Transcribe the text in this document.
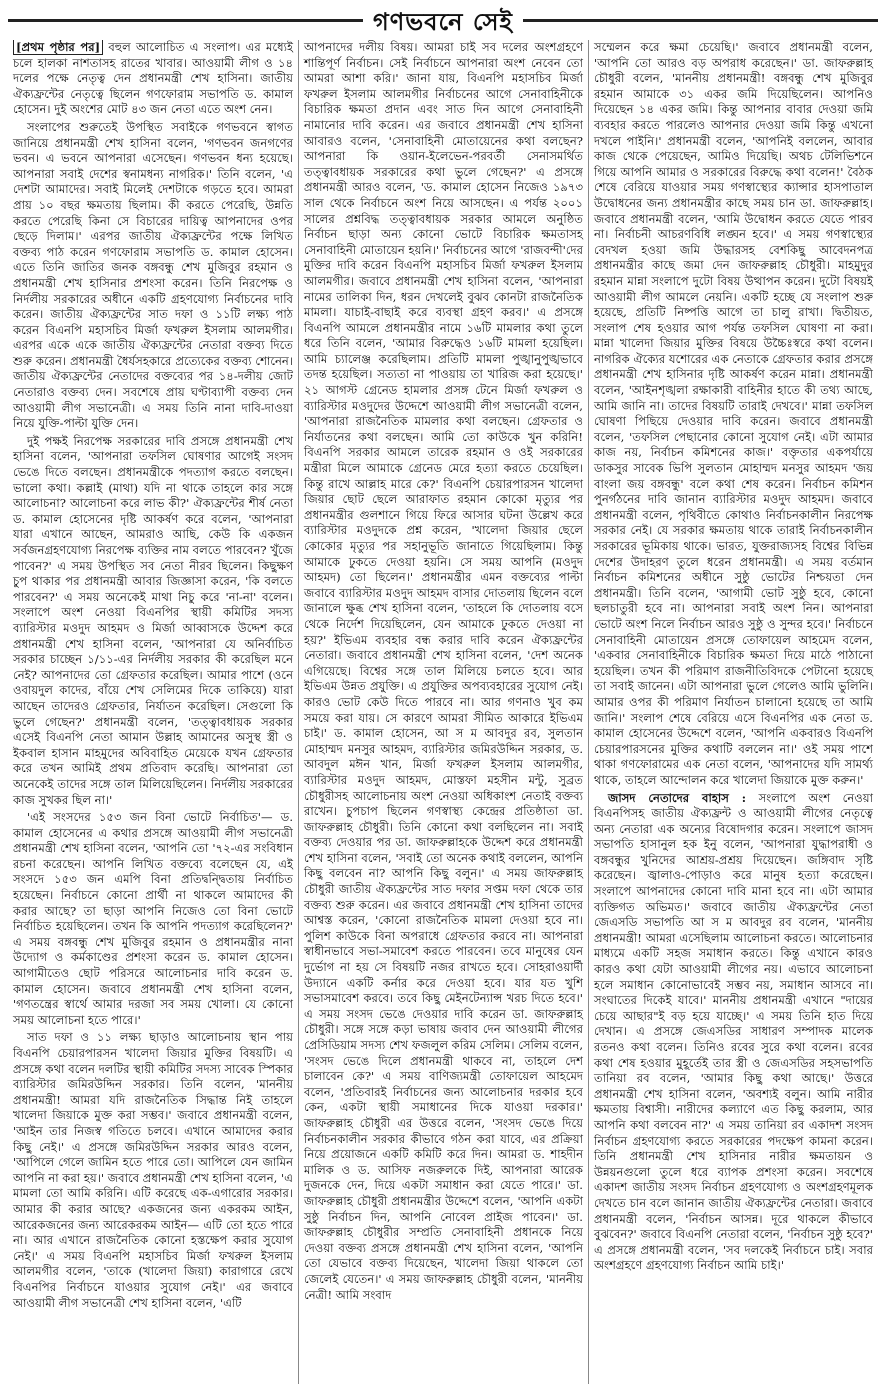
গণভবনে সেই

[প্রথম পৃষ্ঠার পর] বহুল আলোচিত এ সংলাপ। এর মধ্যেই চলে হালকা নাশতাসহ রাতের খাবার। আওয়ামী লীগ ও ১৪ দলের পক্ষে নেতৃত্ব দেন প্রধানমন্ত্রী শেখ হাসিনা। জাতীয় ঐক্যফ্রন্টের নেতৃত্বে ছিলেন গণফোরাম সভাপতি ড. কামাল হোসেন। দুই অংশের মোট ৪৩ জন নেতা এতে অংশ নেন।

সংলাপের শুরুতেই উপস্থিত সবাইকে গণভবনে স্বাগত জানিয়ে প্রধানমন্ত্রী শেখ হাসিনা বলেন, 'গণভবন জনগণের ভবন। এ ভবনে আপনারা এসেছেন। গণভবন ধন্য হয়েছে। আপনারা সবাই দেশের স্বনামধন্য নাগরিক।' তিনি বলেন, 'এ দেশটা আমাদের। সবাই মিলেই দেশটাকে গড়তে হবে। আমরা প্রায় ১০ বছর ক্ষমতায় ছিলাম। কী করতে পেরেছি, উন্নতি করতে পেরেছি কিনা সে বিচারের দায়িত্ব আপনাদের ওপর ছেড়ে দিলাম।' এরপর জাতীয় ঐক্যফ্রন্টের পক্ষে লিখিত বক্তব্য পাঠ করেন গণফোরাম সভাপতি ড. কামাল হোসেন। এতে তিনি জাতির জনক বঙ্গবন্ধু শেখ মুজিবুর রহমান ও প্রধানমন্ত্রী শেখ হাসিনার প্রশংসা করেন। তিনি নিরপেক্ষ ও নির্দলীয় সরকারের অধীনে একটি গ্রহণযোগ্য নির্বাচনের দাবি করেন। জাতীয় ঐক্যফ্রন্টের সাত দফা ও ১১টি লক্ষ্য পাঠ করেন বিএনপি মহাসচিব মির্জা ফখরুল ইসলাম আলমগীর। এরপর একে একে জাতীয় ঐক্যফ্রন্টের নেতারা বক্তব্য দিতে শুরু করেন। প্রধানমন্ত্রী ধৈর্যসহকারে প্রত্যেকের বক্তব্য শোনেন। জাতীয় ঐক্যফ্রন্টের নেতাদের বক্তব্যের পর ১৪-দলীয় জোট নেতারাও বক্তব্য দেন। সবশেষে প্রায় ঘণ্টাব্যাপী বক্তব্য দেন আওয়ামী লীগ সভানেত্রী। এ সময় তিনি নানা দাবি-দাওয়া নিয়ে যুক্তি-পাল্টা যুক্তি দেন।

দুই পক্ষই নিরপেক্ষ সরকারের দাবি প্রসঙ্গে প্রধানমন্ত্রী শেখ হাসিনা বলেন, 'আপনারা তফসিল ঘোষণার আগেই সংসদ ভেঙে দিতে বলছেন। প্রধানমন্ত্রীকে পদত্যাগ করতে বলছেন। ভালো কথা। কল্লাই (মাথা) যদি না থাকে তাহলে কার সঙ্গে আলোচনা? আলোচনা করে লাভ কী?' ঐক্যফ্রন্টের শীর্ষ নেতা ড. কামাল হোসেনের দৃষ্টি আকর্ষণ করে বলেন, 'আপনারা যারা এখানে আছেন, আমরাও আছি, কেউ কি একজন সর্বজনগ্রহণযোগ্য নিরপেক্ষ ব্যক্তির নাম বলতে পারবেন? খুঁজে পাবেন?' এ সময় উপস্থিত সব নেতা নীরব ছিলেন। কিছুক্ষণ চুপ থাকার পর প্রধানমন্ত্রী আবার জিজ্ঞাসা করেন, 'কি বলতে পারবেন?' এ সময় অনেকেই মাথা নিচু করে 'না-না' বলেন। সংলাপে অংশ নেওয়া বিএনপির স্থায়ী কমিটির সদস্য ব্যারিস্টার মওদুদ আহমদ ও মির্জা আব্বাসকে উদ্দেশ করে প্রধানমন্ত্রী শেখ হাসিনা বলেন, 'আপনারা যে অনির্বাচিত সরকার চাচ্ছেন ১/১১-এর নির্দলীয় সরকার কী করেছিল মনে নেই? আপনাদের তো গ্রেফতার করেছিল। আমার পাশে (ওনে ওবায়দুল কাদের, বাঁয়ে শেখ সেলিমের দিকে তাকিয়ে) যারা আছেন তাদেরও গ্রেফতার, নির্যাতন করেছিল। সেগুলো কি ভুলে গেছেন?' প্রধানমন্ত্রী বলেন, 'তত্ত্বাবধায়ক সরকার এসেই বিএনপি নেতা আমান উল্লাহ আমানের অসুস্থ স্ত্রী ও ইকবাল হাসান মাহমুদের অবিবাহিত মেয়েকে যখন গ্রেফতার করে তখন আমিই প্রথম প্রতিবাদ করেছি। আপনারা তো অনেকেই তাদের সঙ্গে তাল মিলিয়েছিলেন। নির্দলীয় সরকারের কাজ সুখকর ছিল না।'

'এই সংসদের ১৫৩ জন বিনা ভোটে নির্বাচিত'— ড. কামাল হোসেনের এ কথার প্রসঙ্গে আওয়ামী লীগ সভানেত্রী প্রধানমন্ত্রী শেখ হাসিনা বলেন, 'আপনি তো '৭২-এর সংবিধান রচনা করেছেন। আপনি লিখিত বক্তব্যে বলেছেন যে, এই সংসদে ১৫৩ জন এমপি বিনা প্রতিদ্বন্দ্বিতায় নির্বাচিত হয়েছেন। নির্বাচনে কোনো প্রার্থী না থাকলে আমাদের কী করার আছে? তা ছাড়া আপনি নিজেও তো বিনা ভোটে নির্বাচিত হয়েছিলেন। তখন কি আপনি পদত্যাগ করেছিলেন?' এ সময় বঙ্গবন্ধু শেখ মুজিবুর রহমান ও প্রধানমন্ত্রীর নানা উদ্যোগ ও কর্মকাণ্ডের প্রশংসা করেন ড. কামাল হোসেন। আগামীতেও ছোট পরিসরে আলোচনার দাবি করেন ড. কামাল হোসেন। জবাবে প্রধানমন্ত্রী শেখ হাসিনা বলেন, 'গণতন্ত্রের স্বার্থে আমার দরজা সব সময় খোলা। যে কোনো সময় আলোচনা হতে পারে।'

সাত দফা ও ১১ লক্ষ্য ছাড়াও আলোচনায় স্থান পায় বিএনপি চেয়ারপারসন খালেদা জিয়ার মুক্তির বিষয়টি। এ প্রসঙ্গে কথা বলেন দলটির স্থায়ী কমিটির সদস্য সাবেক স্পিকার ব্যারিস্টার জমিরউদ্দিন সরকার। তিনি বলেন, 'মাননীয় প্রধানমন্ত্রী! আমরা যদি রাজনৈতিক সিদ্ধান্ত নিই তাহলে খালেদা জিয়াকে মুক্ত করা সম্ভব।' জবাবে প্রধানমন্ত্রী বলেন, 'আইন তার নিজস্ব গতিতে চলবে। এখানে আমাদের করার কিছু নেই।' এ প্রসঙ্গে জমিরউদ্দিন সরকার আরও বলেন, 'আপিলে গেলে জামিন হতে পারে তো। আপিলে যেন জামিন আপনি না করা হয়।' জবাবে প্রধানমন্ত্রী শেখ হাসিনা বলেন, 'এ মামলা তো আমি করিনি। এটি করেছে এক-এগারোর সরকার। আমার কী করার আছে? একজনের জন্য একরকম আইন, আরেকজনের জন্য আরেকরকম আইন— এটি তো হতে পারে না। আর এখানে রাজনৈতিক কোনো হস্তক্ষেপ করার সুযোগ নেই।' এ সময় বিএনপি মহাসচিব মির্জা ফখরুল ইসলাম আলমগীর বলেন, 'তাকে (খালেদা জিয়া) কারাগারে রেখে বিএনপির নির্বাচনে যাওয়ার সুযোগ নেই।' এর জবাবে আওয়ামী লীগ সভানেত্রী শেখ হাসিনা বলেন, 'এটি

আপনাদের দলীয় বিষয়। আমরা চাই সব দলের অংশগ্রহণে শান্তিপূর্ণ নির্বাচন। সেই নির্বাচনে আপনারা অংশ নেবেন তো আমরা আশা করি।' জানা যায়, বিএনপি মহাসচিব মির্জা ফখরুল ইসলাম আলমগীর নির্বাচনের আগে সেনাবাহিনীকে বিচারিক ক্ষমতা প্রদান এবং সাত দিন আগে সেনাবাহিনী নামানোর দাবি করেন। এর জবাবে প্রধানমন্ত্রী শেখ হাসিনা আবারও বলেন, 'সেনাবাহিনী মোতায়েনের কথা বলছেন? আপনারা কি ওয়ান-ইলেভেন-পরবর্তী সেনাসমর্থিত তত্ত্বাবধায়ক সরকারের কথা ভুলে গেছেন?' এ প্রসঙ্গে প্রধানমন্ত্রী আরও বলেন, 'ড. কামাল হোসেন নিজেও ১৯৭৩ সাল থেকে নির্বাচনে অংশ নিয়ে আসছেন। এ পর্যন্ত ২০০১ সালের প্রশ্নবিদ্ধ তত্ত্বাবধায়ক সরকার আমলে অনুষ্ঠিত নির্বাচন ছাড়া অন্য কোনো ভোটে বিচারিক ক্ষমতাসহ সেনাবাহিনী মোতায়েন হয়নি।' নির্বাচনের আগে 'রাজবন্দী'দের মুক্তির দাবি করেন বিএনপি মহাসচিব মির্জা ফখরুল ইসলাম আলমগীর। জবাবে প্রধানমন্ত্রী শেখ হাসিনা বলেন, 'আপনারা নামের তালিকা দিন, ধরন দেখলেই বুঝব কোনটা রাজনৈতিক মামলা। যাচাই-বাছাই করে ব্যবস্থা গ্রহণ করব।' এ প্রসঙ্গে বিএনপি আমলে প্রধানমন্ত্রীর নামে ১৬টি মামলার কথা তুলে ধরে তিনি বলেন, 'আমার বিরুদ্ধেও ১৬টি মামলা হয়েছিল। আমি চ্যালেঞ্জ করেছিলাম। প্রতিটি মামলা পুঙ্খানুপুঙ্খভাবে তদন্ত হয়েছিল। সত্যতা না পাওয়ায় তা খারিজ করা হয়েছে।' ২১ আগস্ট গ্রেনেড হামলার প্রসঙ্গ টেনে মির্জা ফখরুল ও ব্যারিস্টার মওদুদের উদ্দেশে আওয়ামী লীগ সভানেত্রী বলেন, 'আপনারা রাজনৈতিক মামলার কথা বলছেন। গ্রেফতার ও নির্যাতনের কথা বলছেন। আমি তো কাউকে খুন করিনি! বিএনপি সরকার আমলে তারেক রহমান ও ওই সরকারের মন্ত্রীরা মিলে আমাকে গ্রেনেড মেরে হত্যা করতে চেয়েছিল। কিন্তু রাখে আল্লাহ মারে কে?' বিএনপি চেয়ারপারসন খালেদা জিয়ার ছোট ছেলে আরাফাত রহমান কোকো মৃত্যুর পর প্রধানমন্ত্রীর গুলশানে গিয়ে ফিরে আসার ঘটনা উল্লেখ করে ব্যারিস্টার মওদুদকে প্রশ্ন করেন, 'খালেদা জিয়ার ছেলে কোকোর মৃত্যুর পর সহানুভূতি জানাতে গিয়েছিলাম। কিন্তু আমাকে ঢুকতে দেওয়া হয়নি। সে সময় আপনি (মওদুদ আহমদ) তো ছিলেন।' প্রধানমন্ত্রীর এমন বক্তব্যের পাল্টা জবাবে ব্যারিস্টার মওদুদ আহমদ বাসার দোতলায় ছিলেন বলে জানালে ক্ষুব্ধ শেখ হাসিনা বলেন, 'তাহলে কি দোতলায় বসে থেকে নির্দেশ দিয়েছিলেন, যেন আমাকে ঢুকতে দেওয়া না হয়?' ইভিএম ব্যবহার বন্ধ করার দাবি করেন ঐক্যফ্রন্টের নেতারা। জবাবে প্রধানমন্ত্রী শেখ হাসিনা বলেন, 'দেশ অনেক এগিয়েছে। বিশ্বের সঙ্গে তাল মিলিয়ে চলতে হবে। আর ইভিএম উন্নত প্রযুক্তি। এ প্রযুক্তির অপব্যবহারের সুযোগ নেই। কারও ভোট কেউ দিতে পারবে না। আর গণনাও খুব কম সময়ে করা যায়। সে কারণে আমরা সীমিত আকারে ইভিএম চাই।' ড. কামাল হোসেন, আ স ম আবদুর রব, সুলতান মোহাম্মদ মনসুর আহমদ, ব্যারিস্টার জমিরউদ্দিন সরকার, ড. আবদুল মঈন খান, মির্জা ফখরুল ইসলাম আলমগীর, ব্যারিস্টার মওদুদ আহমদ, মোস্তফা মহসীন মন্টু, সুব্রত চৌধুরীসহ আলোচনায় অংশ নেওয়া অধিকাংশ নেতাই বক্তব্য রাখেন। চুপচাপ ছিলেন গণস্বাস্থ্য কেন্দ্রের প্রতিষ্ঠাতা ডা. জাফরুল্লাহ চৌধুরী। তিনি কোনো কথা বলছিলেন না। সবাই বক্তব্য দেওয়ার পর ডা. জাফরুল্লাহকে উদ্দেশ করে প্রধানমন্ত্রী শেখ হাসিনা বলেন, 'সবাই তো অনেক কথাই বললেন, আপনি কিছু বলবেন না? আপনি কিছু বলুন।' এ সময় জাফরুল্লাহ চৌধুরী জাতীয় ঐক্যফ্রন্টের সাত দফার সপ্তম দফা থেকে তার বক্তব্য শুরু করেন। এর জবাবে প্রধানমন্ত্রী শেখ হাসিনা তাদের আশ্বস্ত করেন, 'কোনো রাজনৈতিক মামলা দেওয়া হবে না। পুলিশ কাউকে বিনা অপরাধে গ্রেফতার করবে না। আপনারা স্বাধীনভাবে সভা-সমাবেশ করতে পারবেন। তবে মানুষের যেন দুর্ভোগ না হয় সে বিষয়টি নজর রাখতে হবে। সোহরাওয়ার্দী উদ্যানে একটি কর্নার করে দেওয়া হবে। যার যত খুশি সভাসমাবেশ করবে। তবে কিছু মেইনটেন্যান্স খরচ দিতে হবে।' এ সময় সংসদ ভেঙে দেওয়ার দাবি করেন ডা. জাফরুল্লাহ চৌধুরী। সঙ্গে সঙ্গে কড়া ভাষায় জবাব দেন আওয়ামী লীগের প্রেসিডিয়াম সদস্য শেখ ফজলুল করিম সেলিম। সেলিম বলেন, 'সংসদ ভেঙে দিলে প্রধানমন্ত্রী থাকবে না, তাহলে দেশ চালাবেন কে?' এ সময় বাণিজ্যমন্ত্রী তোফায়েল আহমেদ বলেন, 'প্রতিবারই নির্বাচনের জন্য আলোচনার দরকার হবে কেন, একটা স্থায়ী সমাধানের দিকে যাওয়া দরকার।' জাফরুল্লাহ চৌধুরী এর উত্তরে বলেন, 'সংসদ ভেঙে দিয়ে নির্বাচনকালীন সরকার কীভাবে গঠন করা যাবে, এর প্রক্রিয়া নিয়ে প্রয়োজনে একটি কমিটি করে দিন। আমরা ড. শাহদীন মালিক ও ড. আসিফ নজরুলকে দিই, আপনারা আরেক দুজনকে দেন, দিয়ে একটা সমাধান করা যেতে পারে।' ডা. জাফরুল্লাহ চৌধুরী প্রধানমন্ত্রীর উদ্দেশে বলেন, 'আপনি একটা সুষ্ঠু নির্বাচন দিন, আপনি নোবেল প্রাইজ পাবেন।' ডা. জাফরুল্লাহ চৌধুরীর সম্প্রতি সেনাবাহিনী প্রধানকে নিয়ে দেওয়া বক্তব্য প্রসঙ্গে প্রধানমন্ত্রী শেখ হাসিনা বলেন, 'আপনি তো যেভাবে বক্তব্য দিয়েছেন, খালেদা জিয়া থাকলে তো জেলেই যেতেন।' এ সময় জাফরুল্লাহ চৌধুরী বলেন, 'মাননীয় নেত্রী! আমি সংবাদ

সম্মেলন করে ক্ষমা চেয়েছি।' জবাবে প্রধানমন্ত্রী বলেন, 'আপনি তো আরও বড় অপরাধ করেছেন।' ডা. জাফরুল্লাহ চৌধুরী বলেন, 'মাননীয় প্রধানমন্ত্রী! বঙ্গবন্ধু শেখ মুজিবুর রহমান আমাকে ৩১ একর জমি দিয়েছিলেন। আপনিও দিয়েছেন ১৪ একর জমি। কিন্তু আপনার বাবার দেওয়া জমি ব্যবহার করতে পারলেও আপনার দেওয়া জমি কিন্তু এখনো দখলে পাইনি।' প্রধানমন্ত্রী বলেন, 'আপনিই বললেন, আবার কাজ থেকে পেয়েছেন, আমিও দিয়েছি। অথচ টেলিভিশনে গিয়ে আপনি আমার ও সরকারের বিরুদ্ধে কথা বলেন!' বৈঠক শেষে বেরিয়ে যাওয়ার সময় গণস্বাস্থ্যের ক্যান্সার হাসপাতাল উদ্বোধনের জন্য প্রধানমন্ত্রীর কাছে সময় চান ডা. জাফরুল্লাহ। জবাবে প্রধানমন্ত্রী বলেন, 'আমি উদ্বোধন করতে যেতে পারব না। নির্বাচনী আচরণবিধি লঙ্ঘন হবে।' এ সময় গণস্বাস্থ্যের বেদখল হওয়া জমি উদ্ধারসহ বেশকিছু আবেদনপত্র প্রধানমন্ত্রীর কাছে জমা দেন জাফরুল্লাহ চৌধুরী। মাহমুদুর রহমান মান্না সংলাপে দুটো বিষয় উত্থাপন করেন। দুটো বিষয়ই আওয়ামী লীগ আমলে নেয়নি। একটি হচ্ছে যে সংলাপ শুরু হয়েছে, প্রতিটি নিষ্পত্তি আগে তা চালু রাখা। দ্বিতীয়ত, সংলাপ শেষ হওয়ার আগ পর্যন্ত তফসিল ঘোষণা না করা। মান্না খালেদা জিয়ার মুক্তির বিষয়ে উচ্চৈঃস্বরে কথা বলেন। নাগরিক ঐক্যের যশোরের এক নেতাকে গ্রেফতার করার প্রসঙ্গে প্রধানমন্ত্রী শেখ হাসিনার দৃষ্টি আকর্ষণ করেন মান্না। প্রধানমন্ত্রী বলেন, 'আইনশৃঙ্খলা রক্ষাকারী বাহিনীর হাতে কী তথ্য আছে, আমি জানি না। তাদের বিষয়টি তারাই দেখবে।' মান্না তফসিল ঘোষণা পিছিয়ে দেওয়ার দাবি করেন। জবাবে প্রধানমন্ত্রী বলেন, 'তফসিল পেছানোর কোনো সুযোগ নেই। এটা আমার কাজ নয়, নির্বাচন কমিশনের কাজ।' বক্তৃতার একপর্যায়ে ডাকসুর সাবেক ভিপি সুলতান মোহাম্মদ মনসুর আহমদ 'জয় বাংলা জয় বঙ্গবন্ধু' বলে কথা শেষ করেন। নির্বাচন কমিশন পুনর্গঠনের দাবি জানান ব্যারিস্টার মওদুদ আহমদ। জবাবে প্রধানমন্ত্রী বলেন, পৃথিবীতে কোথাও নির্বাচনকালীন নিরপেক্ষ সরকার নেই। যে সরকার ক্ষমতায় থাকে তারাই নির্বাচনকালীন সরকারের ভূমিকায় থাকে। ভারত, যুক্তরাজ্যসহ বিশ্বের বিভিন্ন দেশের উদাহরণ তুলে ধরেন প্রধানমন্ত্রী। এ সময় বর্তমান নির্বাচন কমিশনের অধীনে সুষ্ঠু ভোটের নিশ্চয়তা দেন প্রধানমন্ত্রী। তিনি বলেন, 'আগামী ভোট সুষ্ঠু হবে, কোনো ছলচাতুরী হবে না। আপনারা সবাই অংশ নিন। আপনারা ভোটে অংশ নিলে নির্বাচন আরও সুষ্ঠু ও সুন্দর হবে।' নির্বাচনে সেনাবাহিনী মোতায়েন প্রসঙ্গে তোফায়েল আহমেদ বলেন, 'একবার সেনাবাহিনীকে বিচারিক ক্ষমতা দিয়ে মাঠে পাঠানো হয়েছিল। তখন কী পরিমাণ রাজনীতিবিদকে পেটানো হয়েছে তা সবাই জানেন। এটা আপনারা ভুলে গেলেও আমি ভুলিনি। আমার ওপর কী পরিমাণ নির্যাতন চালানো হয়েছে তা আমি জানি।' সংলাপ শেষে বেরিয়ে এসে বিএনপির এক নেতা ড. কামাল হোসেনের উদ্দেশে বলেন, 'আপনি একবারও বিএনপি চেয়ারপারসনের মুক্তির কথাটি বললেন না।' ওই সময় পাশে থাকা গণফোরামের এক নেতা বলেন, 'আপনাদের যদি সামর্থ্য থাকে, তাহলে আন্দোলন করে খালেদা জিয়াকে মুক্ত করুন।'

জাসদ নেতাদের বাহাস : সংলাপে অংশ নেওয়া বিএনপিসহ জাতীয় ঐক্যফ্রন্ট ও আওয়ামী লীগের নেতৃত্বে অন্য নেতারা এক অন্যের বিষোদগার করেন। সংলাপে জাসদ সভাপতি হাসানুল হক ইনু বলেন, 'আপনারা যুদ্ধাপরাধী ও বঙ্গবন্ধুর খুনিদের আশ্রয়-প্রশ্রয় দিয়েছেন। জঙ্গিবাদ সৃষ্টি করেছেন। জ্বালাও-পোড়াও করে মানুষ হত্যা করেছেন। সংলাপে আপনাদের কোনো দাবি মানা হবে না। এটা আমার ব্যক্তিগত অভিমত।' জবাবে জাতীয় ঐক্যফ্রন্টের নেতা জেএসডি সভাপতি আ স ম আবদুর রব বলেন, 'মাননীয় প্রধানমন্ত্রী! আমরা এসেছিলাম আলোচনা করতে। আলোচনার মাধ্যমে একটি সহজ সমাধান করতে। কিন্তু এখানে কারও কারও কথা যেটা আওয়ামী লীগের নয়। এভাবে আলোচনা হলে সমাধান কোনোভাবেই সম্ভব নয়, সমাধান আসবে না। সংঘাতের দিকেই যাবে।' মাননীয় প্রধানমন্ত্রী এখানে "দায়ের চেয়ে আছার"ই বড় হয়ে যাচ্ছে।' এ সময় তিনি হাত দিয়ে দেখান। এ প্রসঙ্গে জেএসডির সাধারণ সম্পাদক মালেক রতনও কথা বলেন। তিনিও রবের সুরে কথা বলেন। রবের কথা শেষ হওয়ার মুহূর্তেই তার স্ত্রী ও জেএসডির সহসভাপতি তানিয়া রব বলেন, 'আমার কিছু কথা আছে।' উত্তরে প্রধানমন্ত্রী শেখ হাসিনা বলেন, 'অবশ্যই বলুন। আমি নারীর ক্ষমতায় বিশ্বাসী। নারীদের কল্যাণে এত কিছু করলাম, আর আপনি কথা বলবেন না?' এ সময় তানিয়া রব একাদশ সংসদ নির্বাচন গ্রহণযোগ্য করতে সরকারের পদক্ষেপ কামনা করেন। তিনি প্রধানমন্ত্রী শেখ হাসিনার নারীর ক্ষমতায়ন ও উন্নয়নগুলো তুলে ধরে ব্যাপক প্রশংসা করেন। সবশেষে একাদশ জাতীয় সংসদ নির্বাচন গ্রহণযোগ্য ও অংশগ্রহণমূলক দেখতে চান বলে জানান জাতীয় ঐক্যফ্রন্টের নেতারা। জবাবে প্রধানমন্ত্রী বলেন, 'নির্বাচন আসন্ন। দূরে থাকলে কীভাবে বুঝবেন?' জবাবে বিএনপি নেতারা বলেন, 'নির্বাচন সুষ্ঠু হবে?' এ প্রসঙ্গে প্রধানমন্ত্রী বলেন, 'সব দলকেই নির্বাচনে চাই। সবার অংশগ্রহণে গ্রহণযোগ্য নির্বাচন আমি চাই।'
